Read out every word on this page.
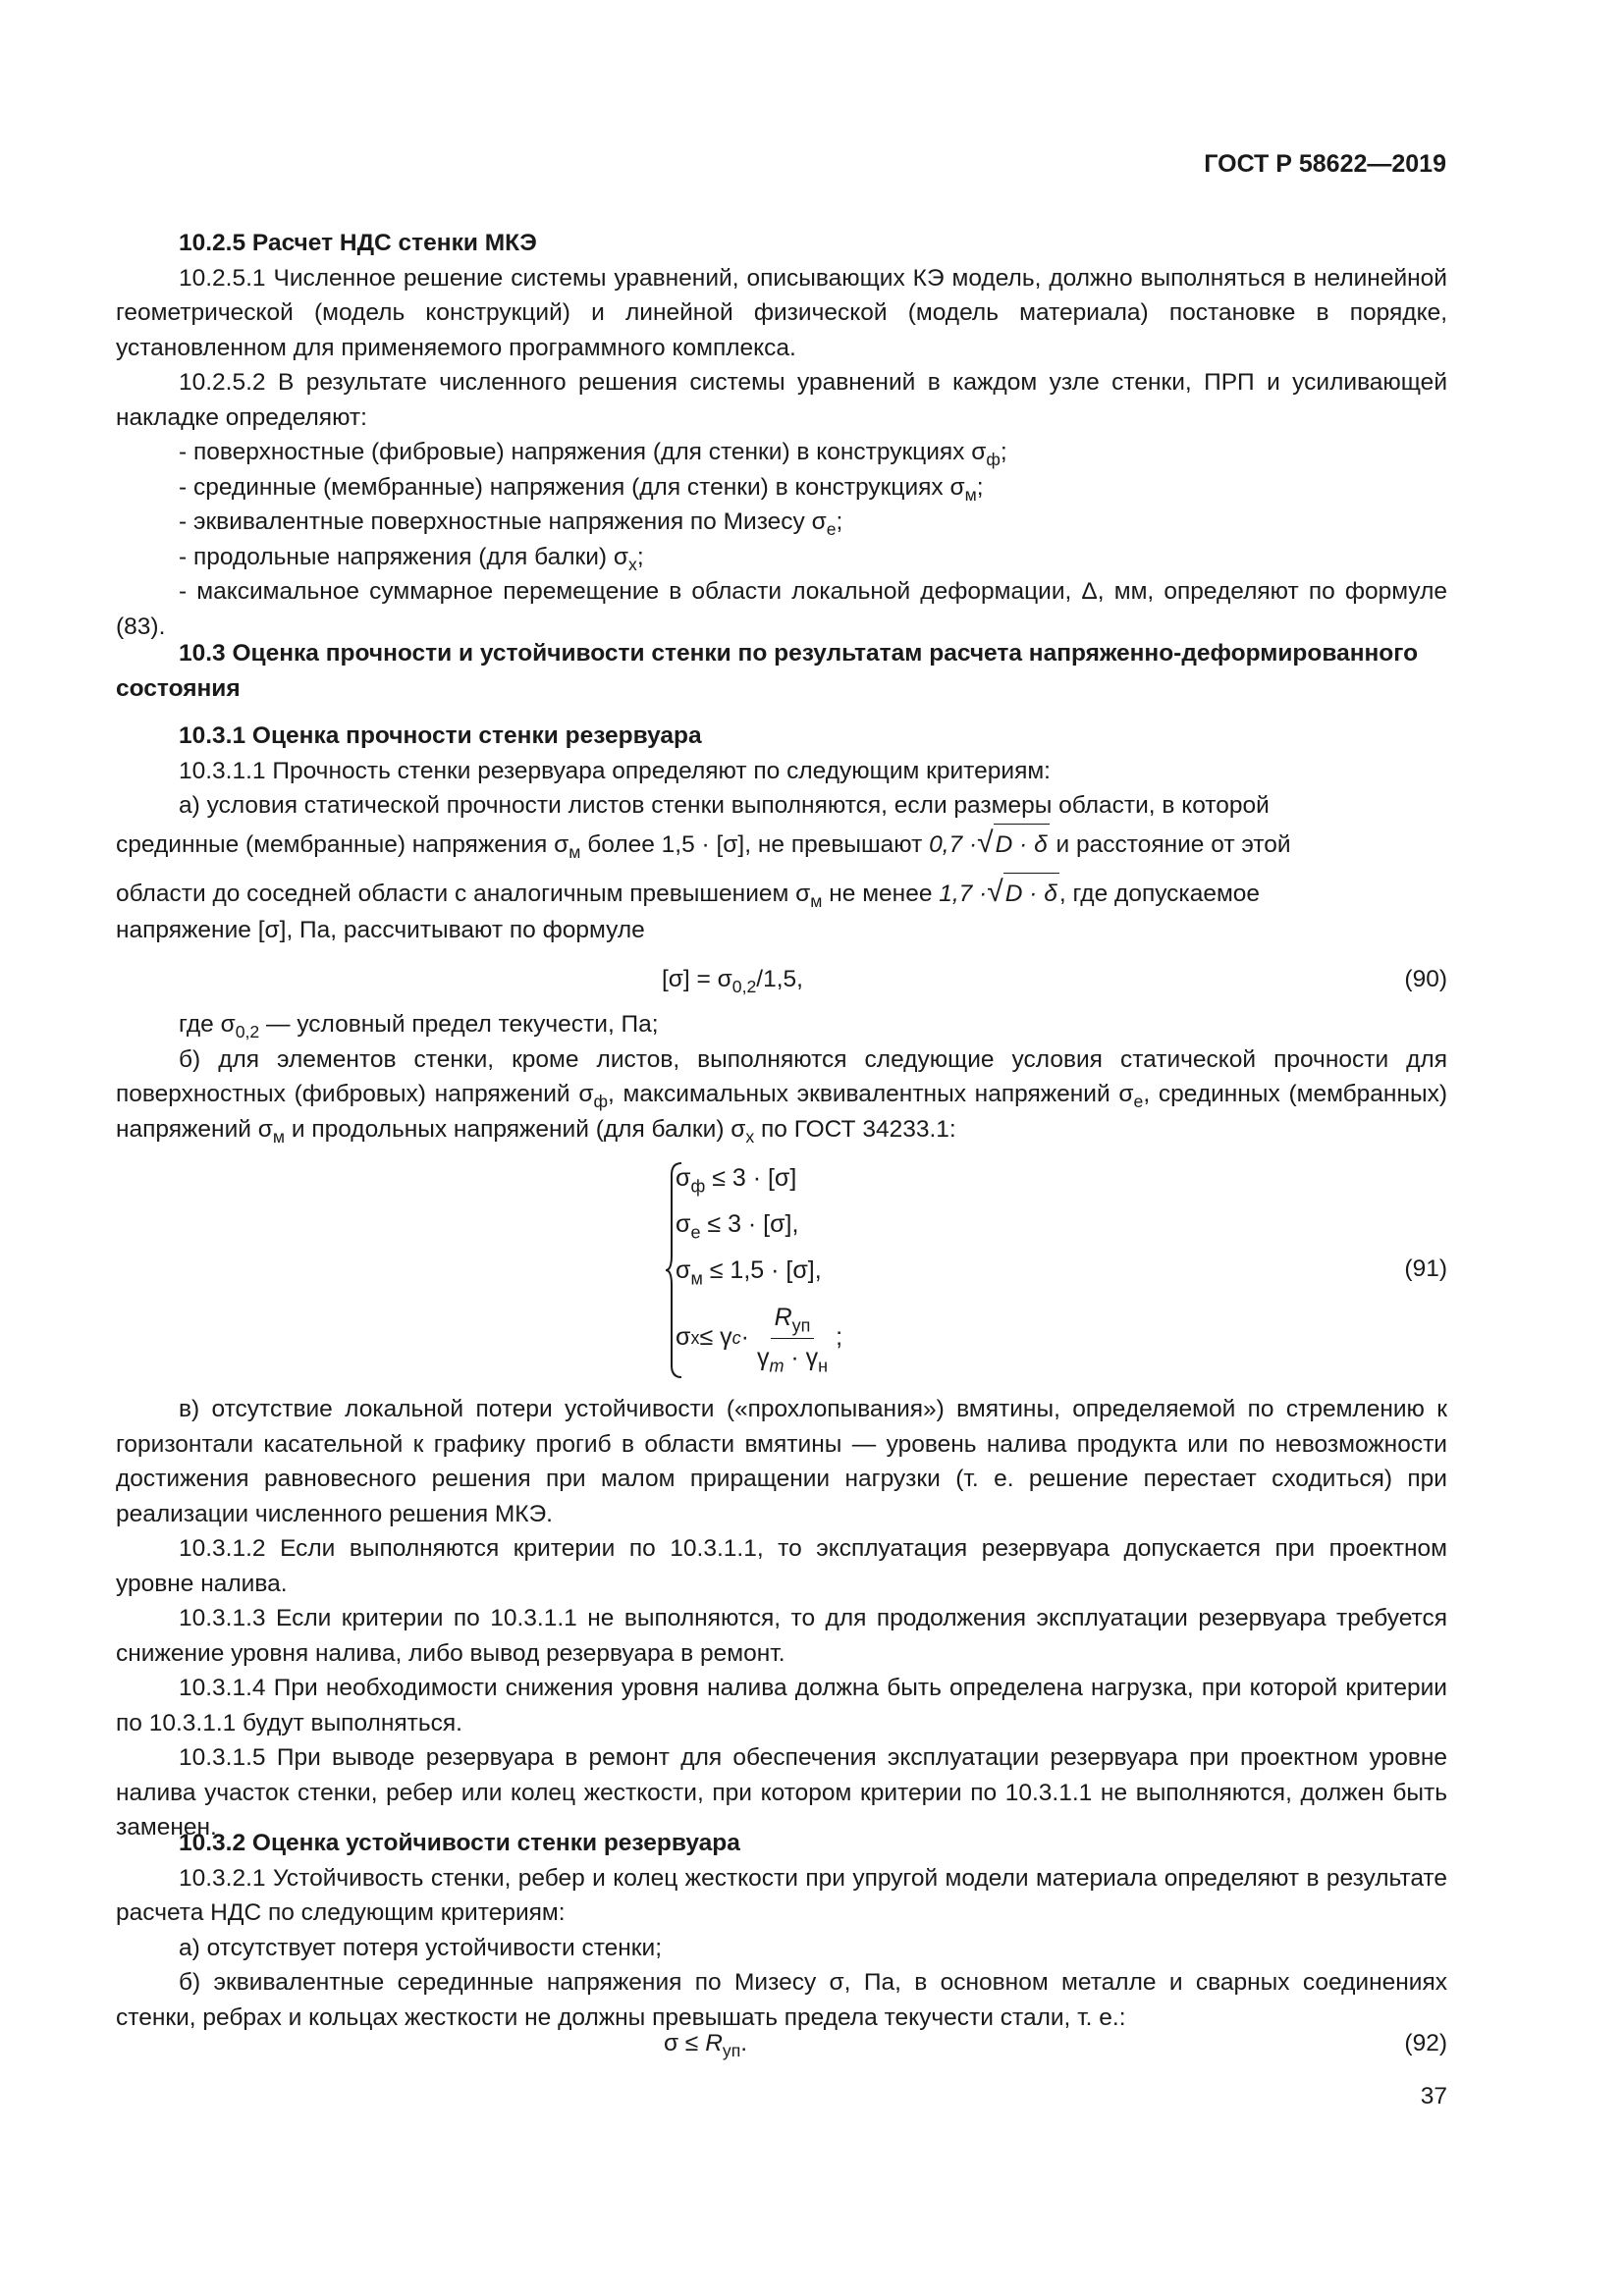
ГОСТ Р 58622—2019

10.2.5 Расчет НДС стенки МКЭ

10.2.5.1 Численное решение системы уравнений, описывающих КЭ модель, должно выполняться в нелинейной геометрической (модель конструкций) и линейной физической (модель материала) постановке в порядке, установленном для применяемого программного комплекса.

10.2.5.2 В результате численного решения системы уравнений в каждом узле стенки, ПРП и усиливающей накладке определяют:

- поверхностные (фибровые) напряжения (для стенки) в конструкциях $\sigma_ф$;

- срединные (мембранные) напряжения (для стенки) в конструкциях $\sigma_м$;

- эквивалентные поверхностные напряжения по Мизесу $\sigma_е$;

- продольные напряжения (для балки) $\sigma_x$;

- максимальное суммарное перемещение в области локальной деформации, Δ, мм, определяют по формуле (83).

10.3 Оценка прочности и устойчивости стенки по результатам расчета напряженно-деформированного состояния

10.3.1 Оценка прочности стенки резервуара

10.3.1.1 Прочность стенки резервуара определяют по следующим критериям:

а) условия статической прочности листов стенки выполняются, если размеры области, в которой

срединные (мембранные) напряжения $\sigma_м$ более 1,5 · [σ], не превышают 0,7 ·√D · δ и расстояние от этой
области до соседней области с аналогичным превышением $\sigma_м$ не менее 1,7 ·√D · δ, где допускаемое
напряжение [σ], Па, рассчитывают по формуле
$[\sigma] = \sigma_{0,2}/1,5$,	(90)

где $\sigma_{0,2}$ — условный предел текучести, Па;

б) для элементов стенки, кроме листов, выполняются следующие условия статической прочности для поверхностных (фибровых) напряжений $\sigma_ф$, максимальных эквивалентных напряжений $\sigma_е$, срединных (мембранных) напряжений $\sigma_м$ и продольных напряжений (для балки) $\sigma_x$ по ГОСТ 34233.1:

$\sigma_ф \le 3 \cdot [\sigma]$
$\sigma_e \le 3 \cdot [\sigma]$,
$\sigma_м \le 1,5 \cdot [\sigma]$,
σ x ≤ γ $c \cdot \frac{R_{уп}}{\gamma_m \cdot \gamma_н}$ ;
(91)

в) отсутствие локальной потери устойчивости («прохлопывания») вмятины, определяемой по стремлению к горизонтали касательной к графику прогиб в области вмятины — уровень налива продукта или по невозможности достижения равновесного решения при малом приращении нагрузки (т. е. решение перестает сходиться) при реализации численного решения МКЭ.

10.3.1.2 Если выполняются критерии по 10.3.1.1, то эксплуатация резервуара допускается при проектном уровне налива.

10.3.1.3 Если критерии по 10.3.1.1 не выполняются, то для продолжения эксплуатации резервуара требуется снижение уровня налива, либо вывод резервуара в ремонт.

10.3.1.4 При необходимости снижения уровня налива должна быть определена нагрузка, при которой критерии по 10.3.1.1 будут выполняться.

10.3.1.5 При выводе резервуара в ремонт для обеспечения эксплуатации резервуара при проектном уровне налива участок стенки, ребер или колец жесткости, при котором критерии по 10.3.1.1 не выполняются, должен быть заменен.

10.3.2 Оценка устойчивости стенки резервуара

10.3.2.1 Устойчивость стенки, ребер и колец жесткости при упругой модели материала определяют в результате расчета НДС по следующим критериям:

а) отсутствует потеря устойчивости стенки;

б) эквивалентные серединные напряжения по Мизесу σ, Па, в основном металле и сварных соединениях стенки, ребрах и кольцах жесткости не должны превышать предела текучести стали, т. е.:

$\sigma \le R_{уп}$.	(92)
37
